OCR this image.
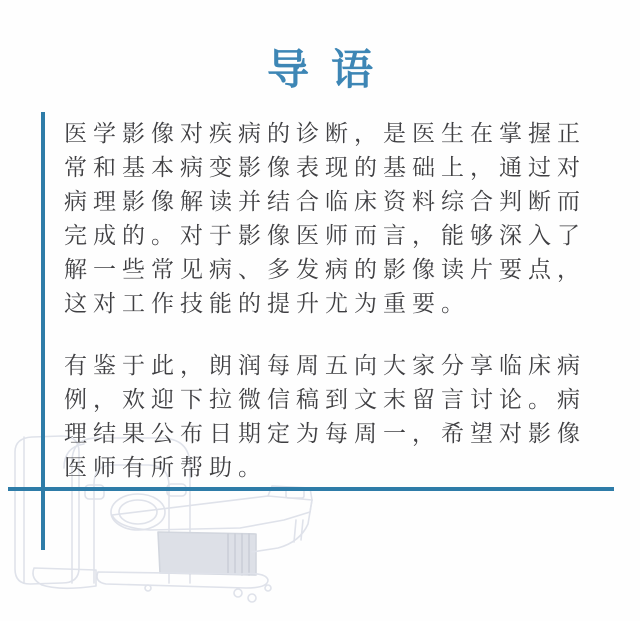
导语
医学影像对疾病的诊断，是医生在掌握正
常和基本病变影像表现的基础上，通过对
病理影像解读并结合临床资料综合判断而
完成的。对于影像医师而言，能够深入了
解一些常见病、多发病的影像读片要点，
这对工作技能的提升尤为重要。
有鉴于此，朗润每周五向大家分享临床病
例，欢迎下拉微信稿到文末留言讨论。病
理结果公布日期定为每周一，希望对影像
医师有所帮助。
